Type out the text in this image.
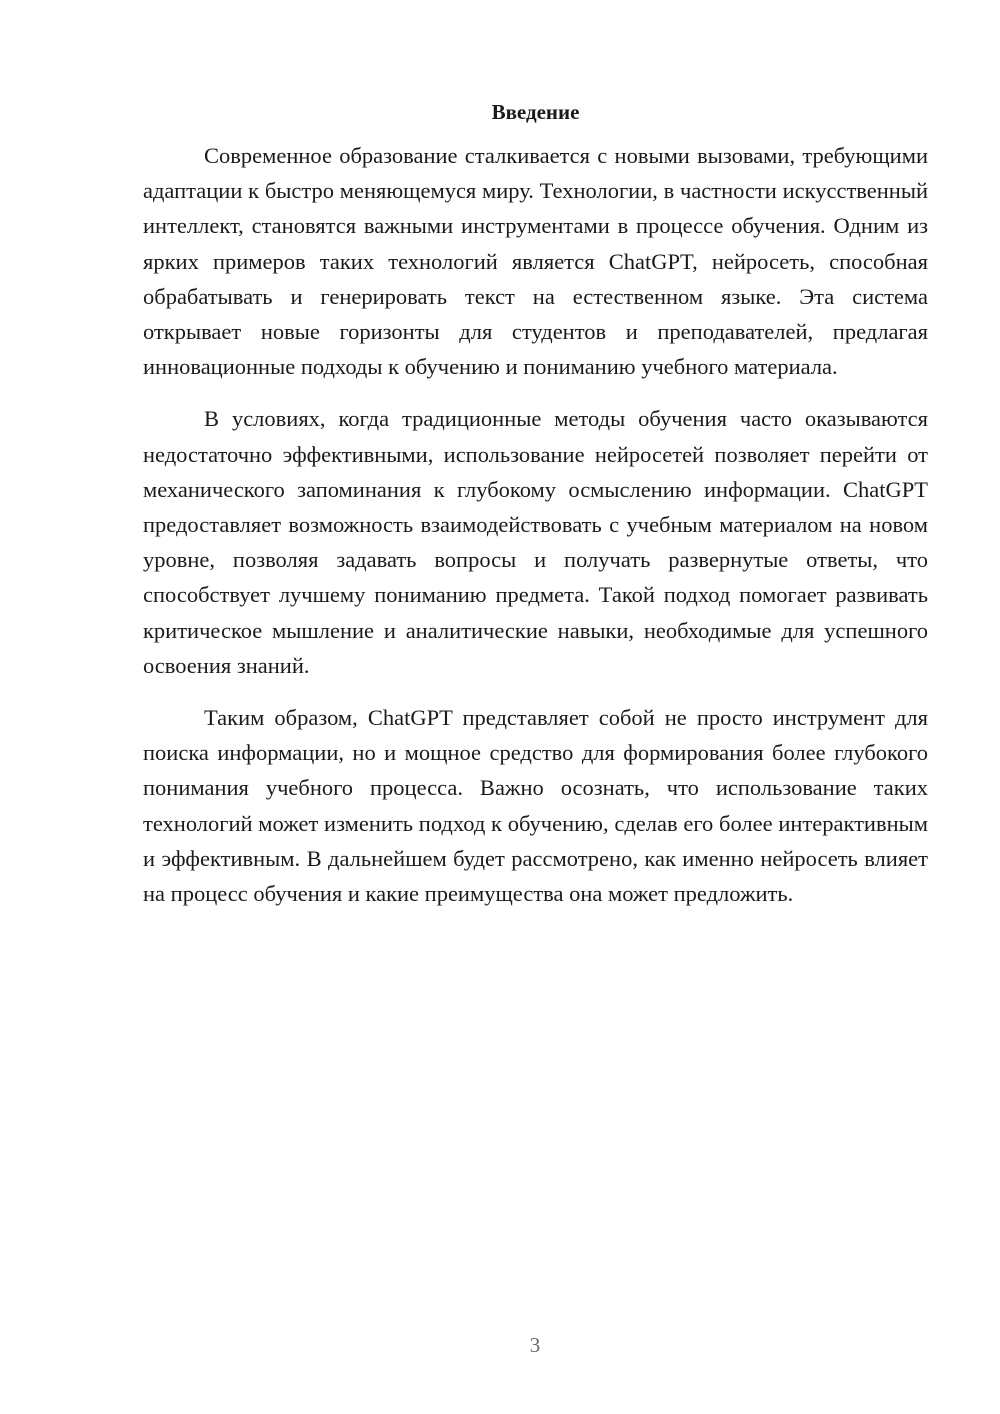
Введение

Современное образование сталкивается с новыми вызовами, требующими адаптации к быстро меняющемуся миру. Технологии, в частности искусственный интеллект, становятся важными инструментами в процессе обучения. Одним из ярких примеров таких технологий является ChatGPT, нейросеть, способная обрабатывать и генерировать текст на естественном языке. Эта система открывает новые горизонты для студентов и преподавателей, предлагая инновационные подходы к обучению и пониманию учебного материала.

В условиях, когда традиционные методы обучения часто оказываются недостаточно эффективными, использование нейросетей позволяет перейти от механического запоминания к глубокому осмыслению информации. ChatGPT предоставляет возможность взаимодействовать с учебным материалом на новом уровне, позволяя задавать вопросы и получать развернутые ответы, что способствует лучшему пониманию предмета. Такой подход помогает развивать критическое мышление и аналитические навыки, необходимые для успешного освоения знаний.

Таким образом, ChatGPT представляет собой не просто инструмент для поиска информации, но и мощное средство для формирования более глубокого понимания учебного процесса. Важно осознать, что использование таких технологий может изменить подход к обучению, сделав его более интерактивным и эффективным. В дальнейшем будет рассмотрено, как именно нейросеть влияет на процесс обучения и какие преимущества она может предложить.

3
